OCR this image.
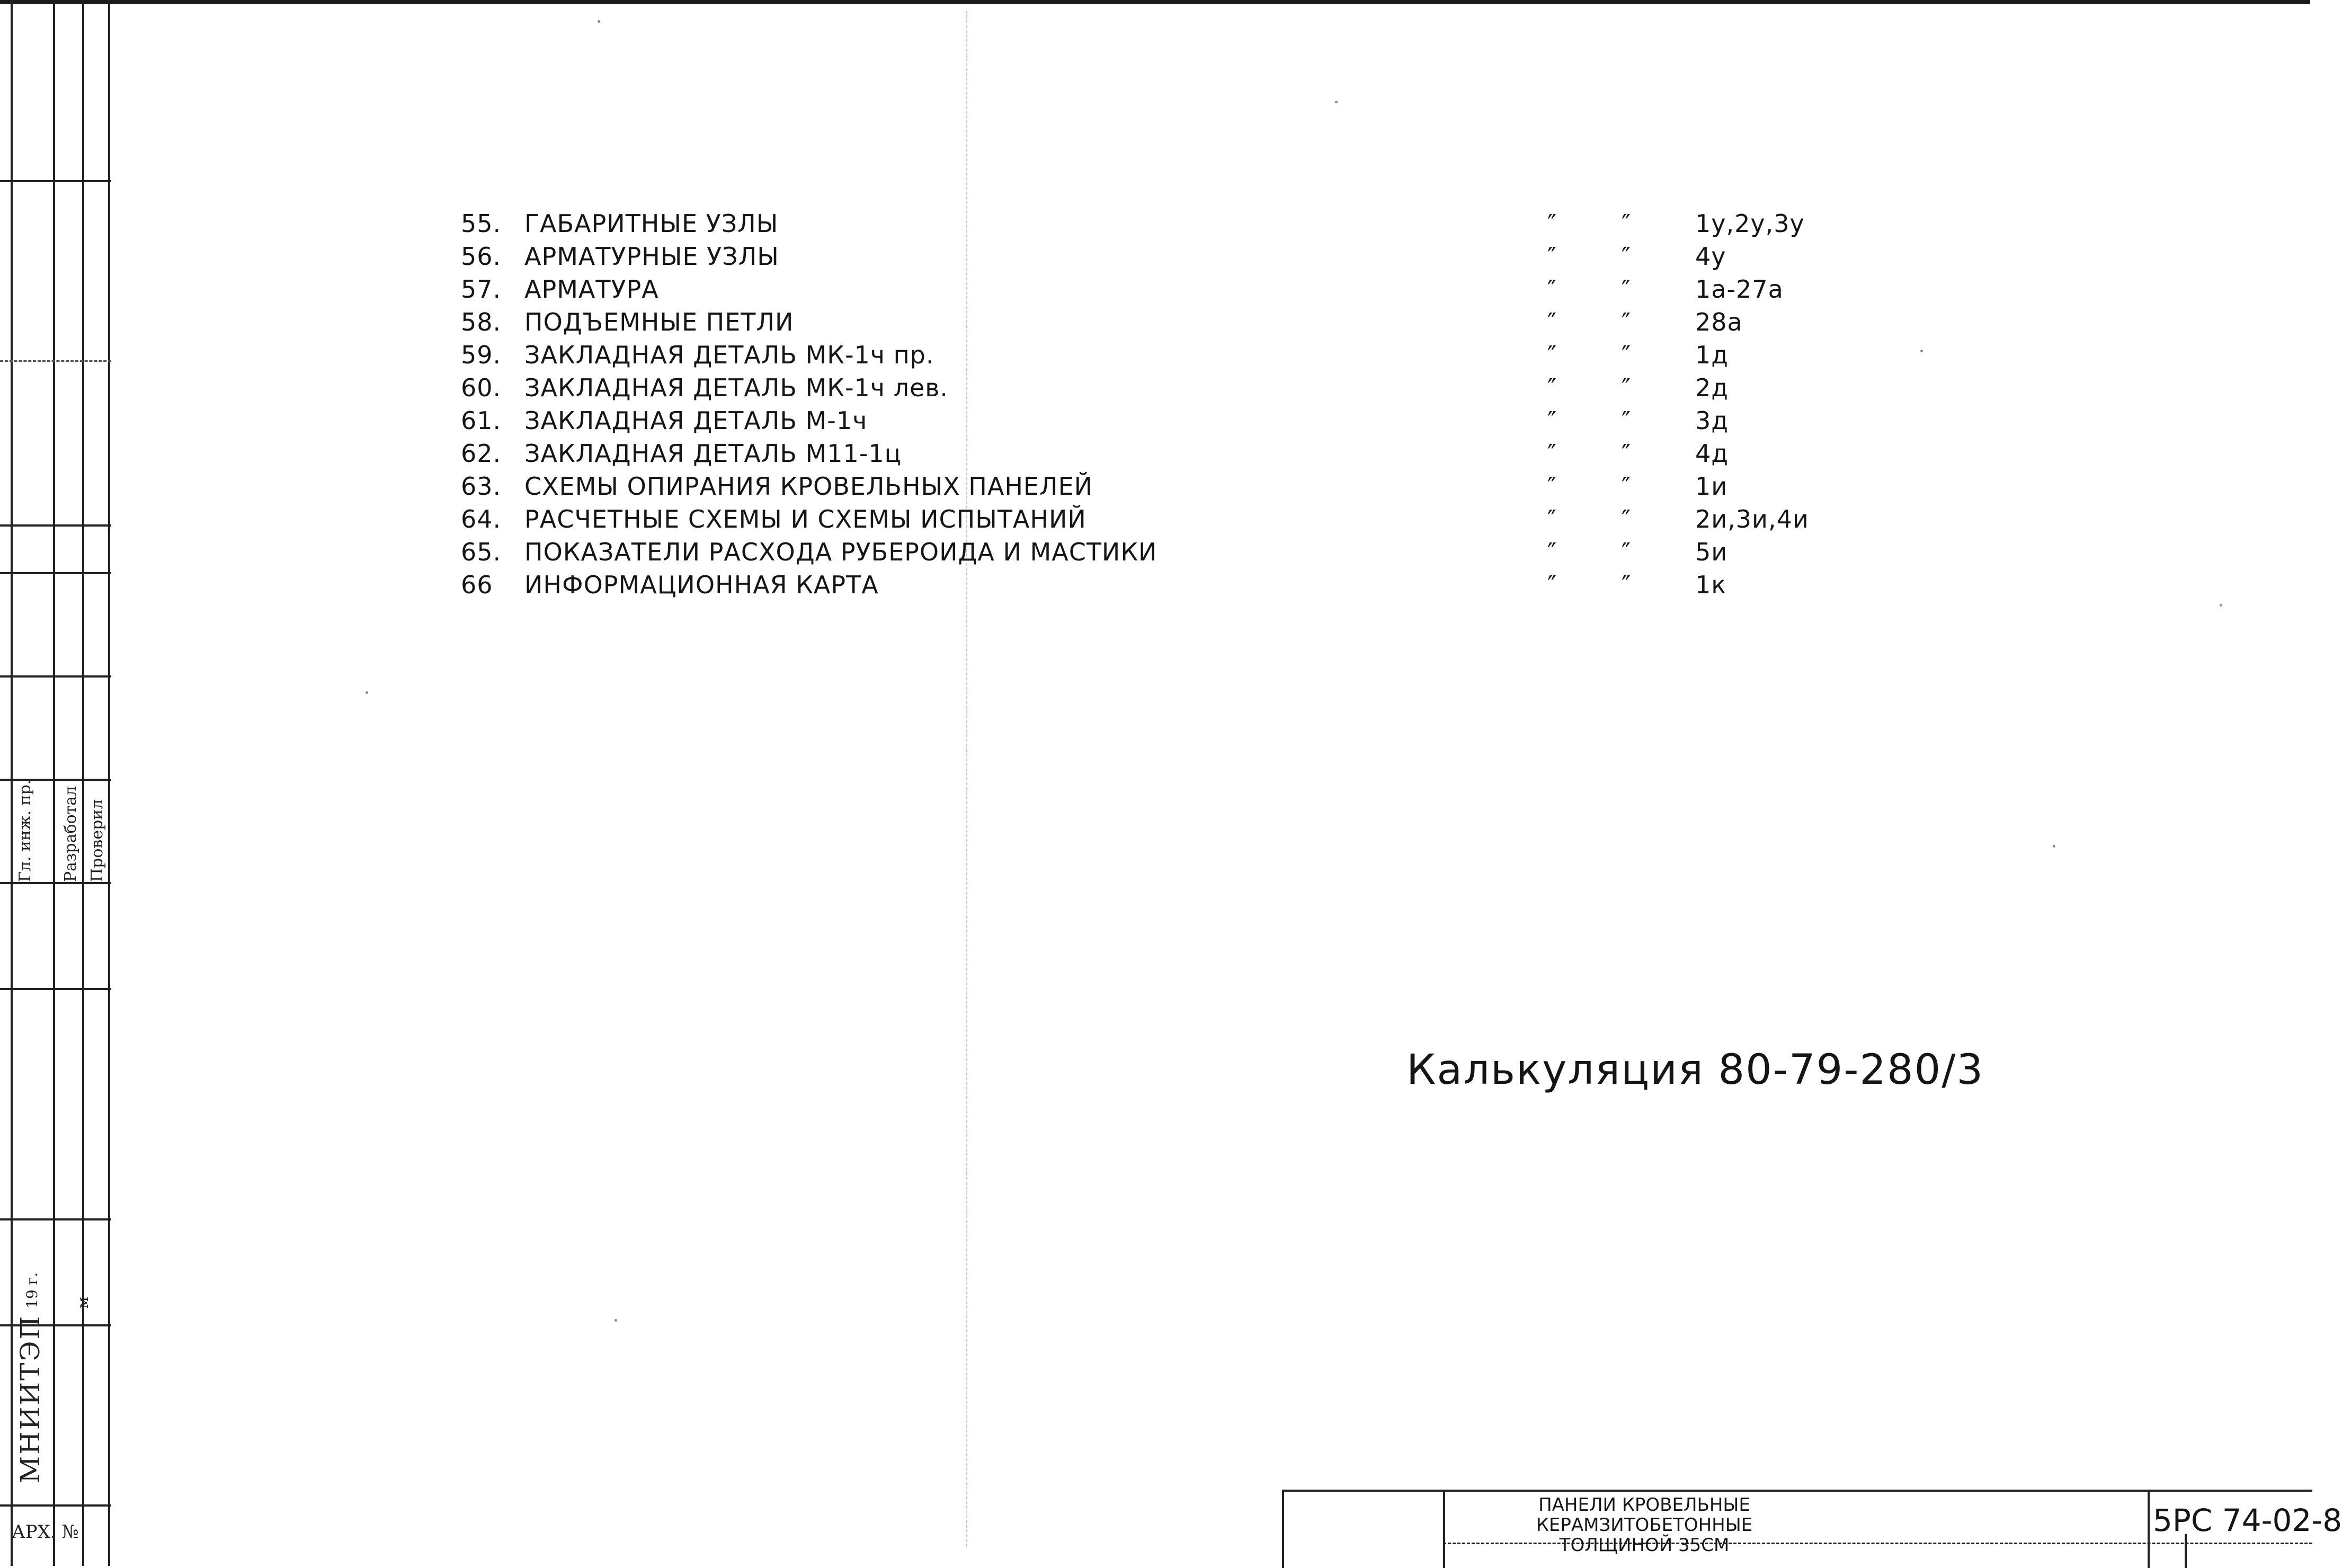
Гл. инж. пр. Разработал Проверил
19 г. м
МНИИТЭП
АРХ. №
55. ГАБАРИТНЫЕ УЗЛЫ	″	″	1у,2у,3у
56. АРМАТУРНЫЕ УЗЛЫ	″	″	4у
57. АРМАТУРА	″	″	1а-27а
58. ПОДЪЕМНЫЕ ПЕТЛИ	″	″	28а
59. ЗАКЛАДНАЯ ДЕТАЛЬ МК-1ч пр.	″	″	1д
60. ЗАКЛАДНАЯ ДЕТАЛЬ МК-1ч лев.	″	″	2д
61. ЗАКЛАДНАЯ ДЕТАЛЬ М-1ч	″	″	3д
62. ЗАКЛАДНАЯ ДЕТАЛЬ М11-1ц	″	″	4д
63. СХЕМЫ ОПИРАНИЯ КРОВЕЛЬНЫХ ПАНЕЛЕЙ	″	″	1и
64. РАСЧЕТНЫЕ СХЕМЫ И СХЕМЫ ИСПЫТАНИЙ	″	″	2и,3и,4и
65. ПОКАЗАТЕЛИ РАСХОДА РУБЕРОИДА И МАСТИКИ	″	″	5и
66	ИНФОРМАЦИОННАЯ КАРТА	″	″	1к
Калькуляция 80-79-280/3
ПАНЕЛИ КРОВЕЛЬНЫЕ КЕРАМЗИТОБЕТОННЫЕ
ТОЛЩИНОЙ 35СМ
5РС 74-02-8
